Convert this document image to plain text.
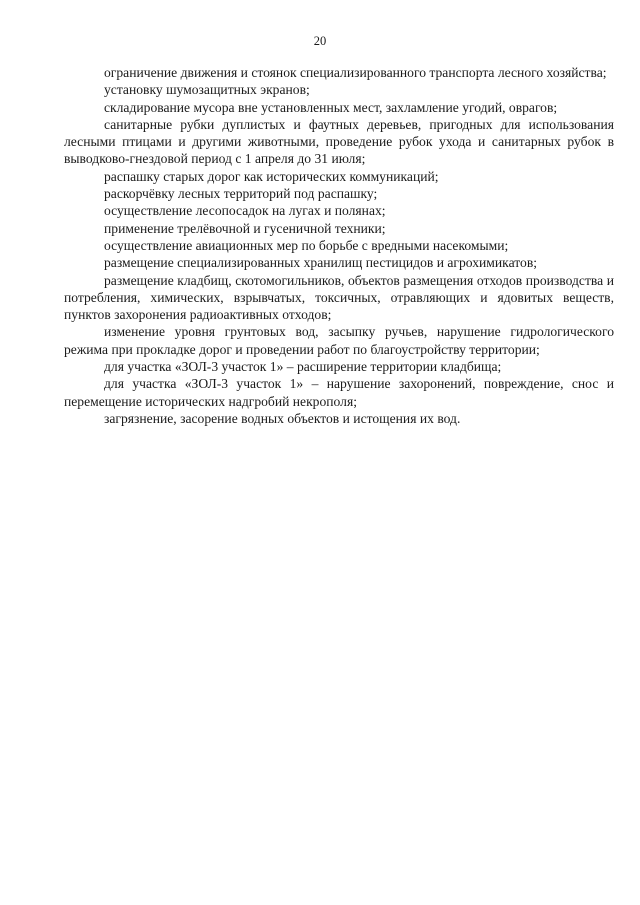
20

ограничение движения и стоянок специализированного транспорта лесного хозяйства;

установку шумозащитных экранов;

складирование мусора вне установленных мест, захламление угодий, оврагов;

санитарные рубки дуплистых и фаутных деревьев, пригодных для использования лесными птицами и другими животными, проведение рубок ухода и санитарных рубок в выводково-гнездовой период с 1 апреля до 31 июля;

распашку старых дорог как исторических коммуникаций;

раскорчёвку лесных территорий под распашку;

осуществление лесопосадок на лугах и полянах;

применение трелёвочной и гусеничной техники;

осуществление авиационных мер по борьбе с вредными насекомыми;

размещение специализированных хранилищ пестицидов и агрохимикатов;

размещение кладбищ, скотомогильников, объектов размещения отходов производства и потребления, химических, взрывчатых, токсичных, отравляющих и ядовитых веществ, пунктов захоронения радиоактивных отходов;

изменение уровня грунтовых вод, засыпку ручьев, нарушение гидрологического режима при прокладке дорог и проведении работ по благоустройству территории;

для участка «ЗОЛ-3 участок 1» – расширение территории кладбища;

для участка «ЗОЛ-3 участок 1» – нарушение захоронений, повреждение, снос и перемещение исторических надгробий некрополя;

загрязнение, засорение водных объектов и истощения их вод.
